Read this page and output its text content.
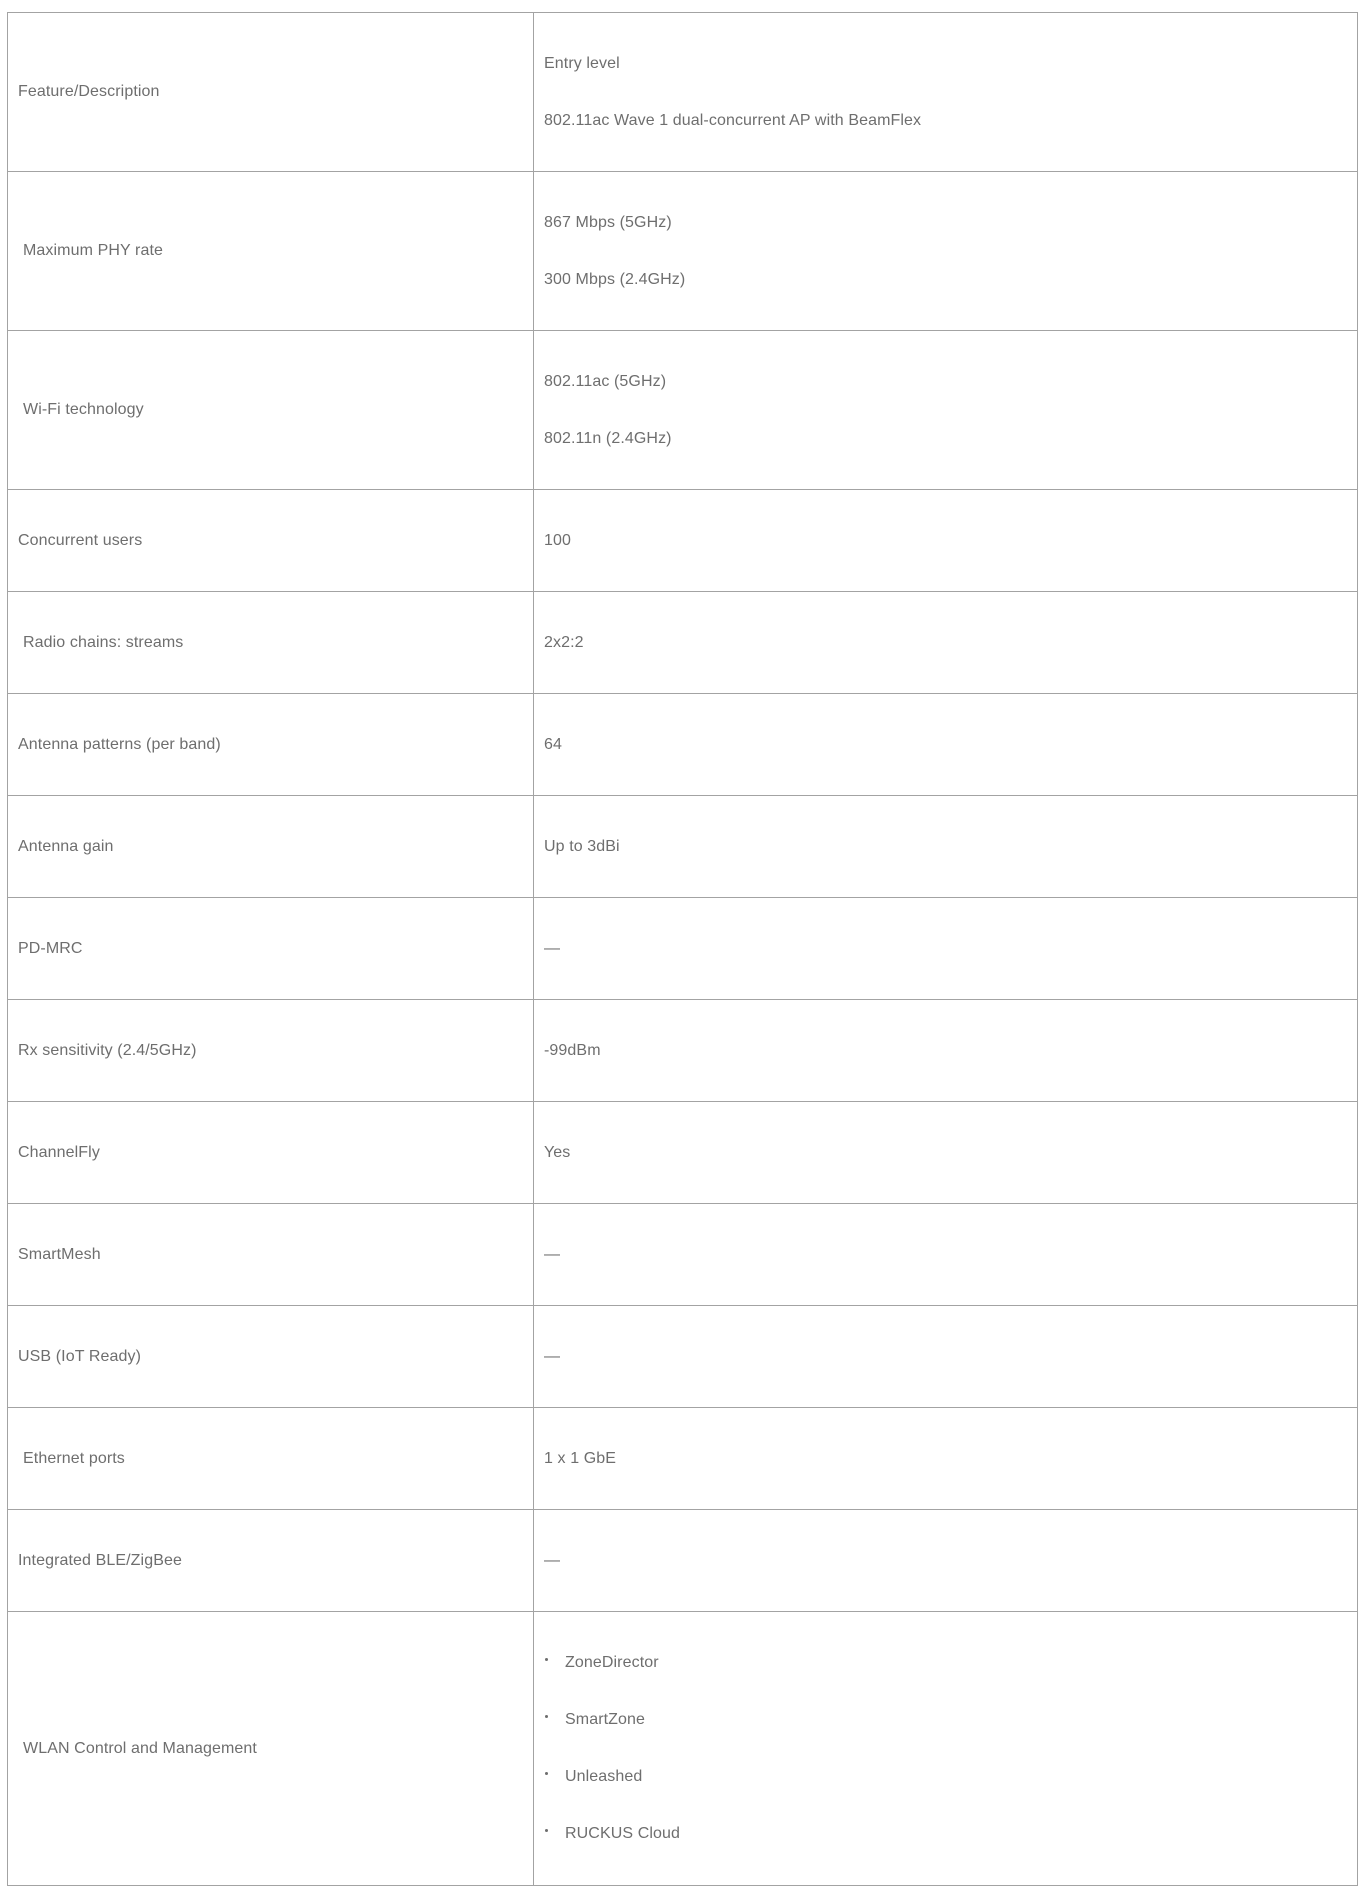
Feature/Description	Entry level
802.11ac Wave 1 dual-concurrent AP with BeamFlex

Maximum PHY rate	867 Mbps (5GHz)
300 Mbps (2.4GHz)

Wi-Fi technology	802.11ac (5GHz)
802.11n (2.4GHz)

Concurrent users	100
Radio chains: streams	2x2:2
Antenna patterns (per band)	64
Antenna gain	Up to 3dBi
PD-MRC	—
Rx sensitivity (2.4/5GHz)	-99dBm
ChannelFly	Yes
SmartMesh	—
USB (IoT Ready)	—
Ethernet ports	1 x 1 GbE
Integrated BLE/ZigBee	—
WLAN Control and Management	ZoneDirector
SmartZone
Unleashed
RUCKUS Cloud
